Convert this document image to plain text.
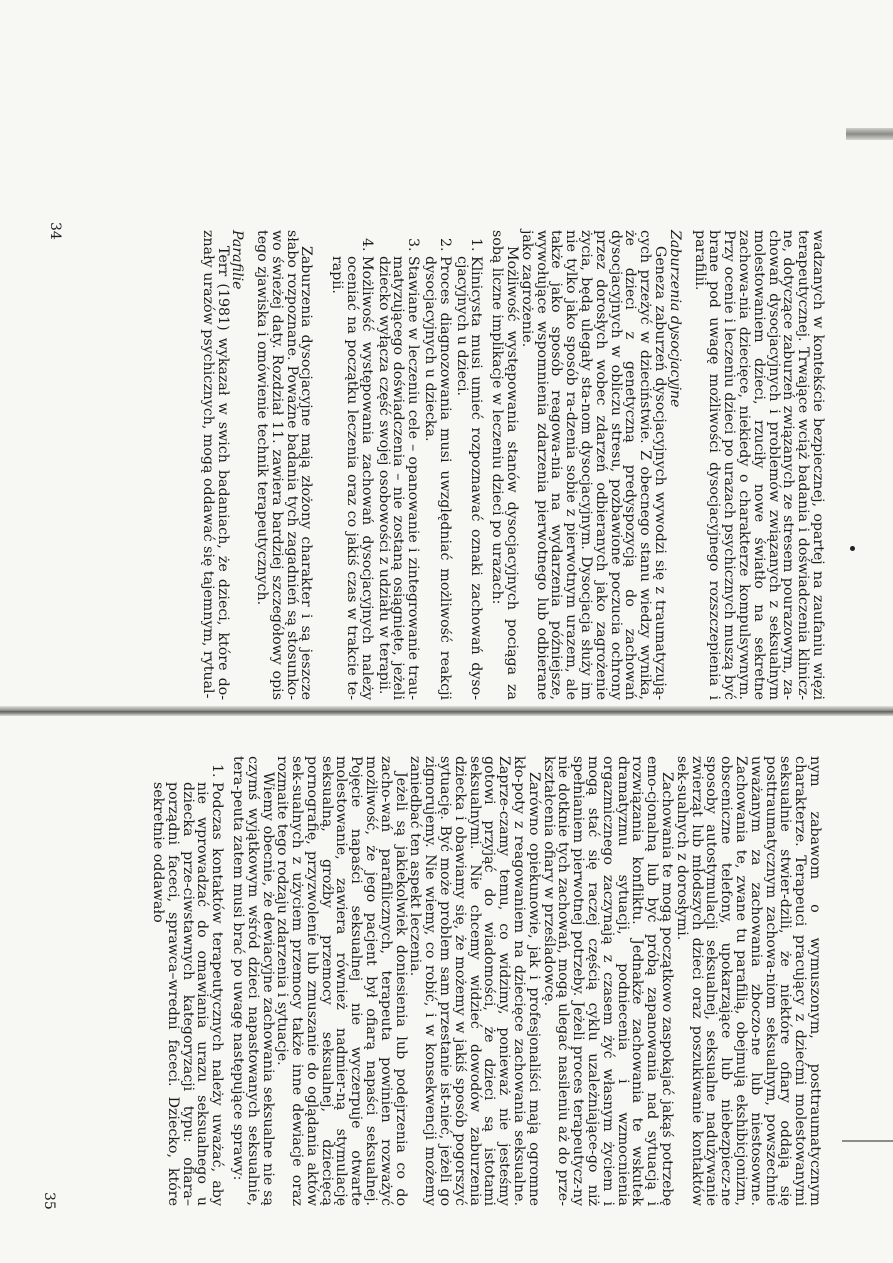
wadzanych w kontekście bezpiecznej, opartej na zaufaniu więzi terapeutycznej. Trwające wciąż badania i doświadczenia klinicz-ne, dotyczące zaburzeń związanych ze stresem pourazowym, za-chowań dysocjacyjnych i problemów związanych z seksualnym molestowaniem dzieci, rzuciły nowe światło na sekretne zachowa-nia dziecięce, niekiedy o charakterze kompulsywnym. Przy ocenie i leczeniu dzieci po urazach psychicznych muszą być brane pod uwagę możliwości dysocjacyjnego rozszczepienia i parafilii.

Zaburzenia dysocjacyjne

Geneza zaburzeń dysocjacyjnych wywodzi się z traumatyzują-cych przeżyć w dzieciństwie. Z obecnego stanu wiedzy wynika, że dzieci z genetyczną predyspozycją do zachowań dysocjacyjnych w obliczu stresu, pozbawione poczucia ochrony przez dorosłych wobec zdarzeń odbieranych jako zagrożenie życia, będą ulegały sta-nom dysocjacyjnym. Dysocjacja służy im nie tylko jako sposób ra-dzenia sobie z pierwotnym urazem, ale także jako sposób reagowa-nia na wydarzenia późniejsze, wywołujące wspomnienia zdarzenia pierwotnego lub odbierane jako zagrożenie.

Możliwość występowania stanów dysocjacyjnych pociąga za sobą liczne implikacje w leczeniu dzieci po urazach:

1. Klinicysta musi umieć rozpoznawać oznaki zachowań dyso-cjacyjnych u dzieci.
2. Proces diagnozowania musi uwzględniać możliwość reakcji dysocjacyjnych u dziecka.
3. Stawiane w leczeniu cele – opanowanie i zintegrowanie trau-matyzującego doświadczenia – nie zostaną osiągnięte, jeżeli dziecko wyłącza część swojej osobowości z udziału w terapii.
4. Możliwość występowania zachowań dysocjacyjnych należy oceniać na początku leczenia oraz co jakiś czas w trakcie te-rapii.

Zaburzenia dysocjacyjne mają złożony charakter i są jeszcze słabo rozpoznane. Poważne badania tych zagadnień są stosunko-wo świeżej daty. Rozdział 11. zawiera bardziej szczegółowy opis tego zjawiska i omówienie technik terapeutycznych.

Parafilie

Terr (1981) wykazał w swich badaniach, że dzieci, które do-znały urazów psychicznych, mogą oddawać się tajemnym, rytual-

34

nym zabawom o wymuszonym, posttraumatycznym charakterze. Terapeuci pracujący z dziećmi molestowanymi seksualnie stwier-dzili, że niektóre ofiary oddają się posttraumatycznym zachowa-niom seksualnym, powszechnie uważanym za zachowania zboczo-ne lub niestosowne. Zachowania te, zwane tu parafilią, obejmują ekshibicjonizm, obsceniczne telefony, upokarzające lub niebezpiecz-ne sposoby autostymulacji seksualnej, seksualne nadużywanie zwierząt lub młodszych dzieci oraz poszukiwanie kontaktów sek-sualnych z dorosłymi.

Zachowania te mogą początkowo zaspokajać jakąś potrzebę emo-cjonalną lub być próbą zapanowania nad sytuacją i rozwiązania konfliktu. Jednakże zachowania te wskutek dramatyzmu sytuacji, podniecenia i wzmocnienia orgazmicznego zaczynają z czasem żyć własnym życiem i mogą stać się raczej częścią cyklu uzależniające-go niż spełnianiem pierwotnej potrzeby. Jeżeli proces terapeutycz-ny nie dotknie tych zachowań, mogą ulegać nasileniu aż do prze-kształcenia ofiary w prześladowcę.

Zarówno opiekunowie, jak i profesjonaliści mają ogromne kło-poty z reagowaniem na dziecięce zachowania seksualne. Zaprze-czamy temu, co widzimy, ponieważ nie jesteśmy gotowi przyjąć do wiadomości, że dzieci są istotami seksualnymi. Nie chcemy widzieć dowodów zaburzenia dziecka i obawiamy się, że możemy w jakiś sposób pogorszyć sytuację. Być może problem sam przestanie ist-nieć, jeżeli go zignorujemy. Nie wiemy, co robić, i w konsekwencji możemy zaniedbać ten aspekt leczenia.

Jeżeli są jakiekolwiek doniesienia lub podejrzenia co do zacho-wań parafilicznych, terapeuta powinien rozważyć możliwość, że jego pacjent był ofiarą napaści seksualnej. Pojęcie napaści seksualnej nie wyczerpuje otwarte molestowanie, zawiera również nadmier-ną stymulację seksualną, groźby przemocy seksualnej, dziecięcą pornografię, przyzwolenie lub zmuszanie do oglądania aktów sek-sualnych z użyciem przemocy także inne dewiacje oraz rozmaite tego rodzaju zdarzenia i sytuacje.

Wiemy obecnie, że dewiacyjne zachowania seksualne nie są czymś wyjątkowym wśród dzieci napastowanych seksualnie, tera-peuta zatem musi brać po uwagę następujące sprawy:

1. Podczas kontaktów terapeutycznych należy uważać, aby nie wprowadzać do omawiania urazu seksualnego u dziecka prze-ciwstawnych kategoryzacji typu: ofiara–porządni faceci, sprawca–wredni faceci. Dziecko, które sekretnie oddawało
35
